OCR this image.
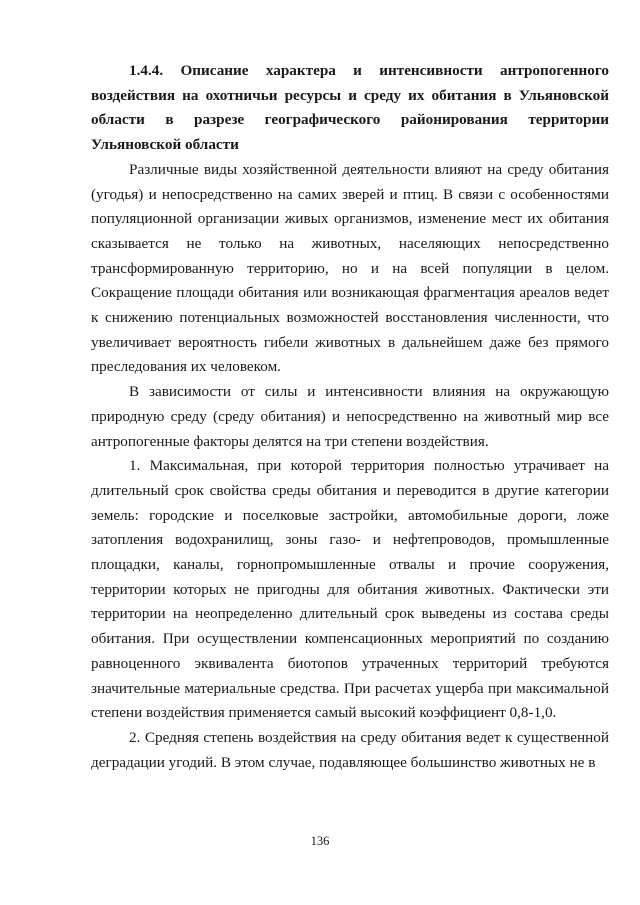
1.4.4. Описание характера и интенсивности антропогенного воздействия на охотничьи ресурсы и среду их обитания в Ульяновской области в разрезе географического районирования территории Ульяновской области

Различные виды хозяйственной деятельности влияют на среду обитания (угодья) и непосредственно на самих зверей и птиц. В связи с особенностями популяционной организации живых организмов, изменение мест их обитания сказывается не только на животных, населяющих непосредственно трансформированную территорию, но и на всей популяции в целом. Сокращение площади обитания или возникающая фрагментация ареалов ведет к снижению потенциальных возможностей восстановления численности, что увеличивает вероятность гибели животных в дальнейшем даже без прямого преследования их человеком.

В зависимости от силы и интенсивности влияния на окружающую природную среду (среду обитания) и непосредственно на животный мир все антропогенные факторы делятся на три степени воздействия.

1. Максимальная, при которой территория полностью утрачивает на длительный срок свойства среды обитания и переводится в другие категории земель: городские и поселковые застройки, автомобильные дороги, ложе затопления водохранилищ, зоны газо- и нефтепроводов, промышленные площадки, каналы, горнопромышленные отвалы и прочие сооружения, территории которых не пригодны для обитания животных. Фактически эти территории на неопределенно длительный срок выведены из состава среды обитания. При осуществлении компенсационных мероприятий по созданию равноценного эквивалента биотопов утраченных территорий требуются значительные материальные средства. При расчетах ущерба при максимальной степени воздействия применяется самый высокий коэффициент 0,8-1,0.

2. Средняя степень воздействия на среду обитания ведет к существенной деградации угодий. В этом случае, подавляющее большинство животных не в

136
